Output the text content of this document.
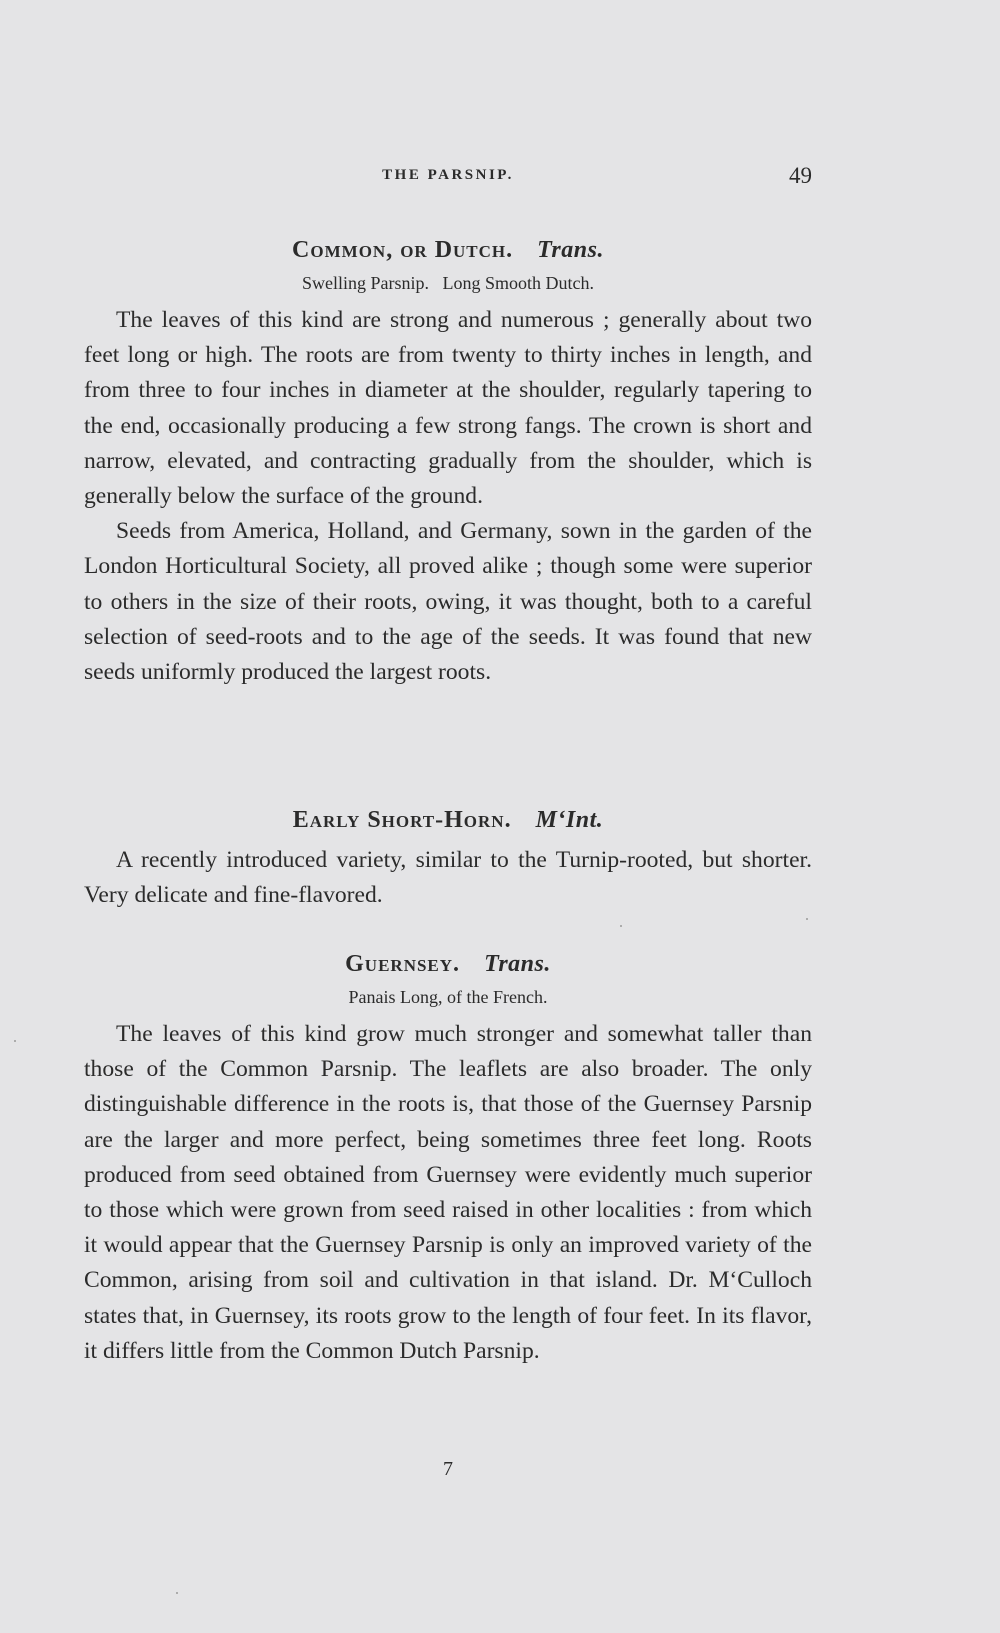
THE PARSNIP.	49
Common, or Dutch. Trans.
Swelling Parsnip.   Long Smooth Dutch.

The leaves of this kind are strong and numerous ; generally about two feet long or high. The roots are from twenty to thirty inches in length, and from three to four inches in diameter at the shoulder, regularly tapering to the end, occasionally producing a few strong fangs. The crown is short and narrow, elevated, and contracting gradually from the shoulder, which is generally below the surface of the ground.

Seeds from America, Holland, and Germany, sown in the garden of the London Horticultural Society, all proved alike ; though some were superior to others in the size of their roots, owing, it was thought, both to a careful selection of seed-roots and to the age of the seeds. It was found that new seeds uniformly produced the largest roots.

Early Short-Horn. M‘Int.

A recently introduced variety, similar to the Turnip-rooted, but shorter. Very delicate and fine-flavored.

Guernsey. Trans.
Panais Long, of the French.

The leaves of this kind grow much stronger and somewhat taller than those of the Common Parsnip. The leaflets are also broader. The only distinguishable difference in the roots is, that those of the Guernsey Parsnip are the larger and more perfect, being sometimes three feet long. Roots produced from seed obtained from Guernsey were evidently much superior to those which were grown from seed raised in other localities : from which it would appear that the Guernsey Parsnip is only an improved variety of the Common, arising from soil and cultivation in that island. Dr. M‘Culloch states that, in Guernsey, its roots grow to the length of four feet. In its flavor, it differs little from the Common Dutch Parsnip.

7
